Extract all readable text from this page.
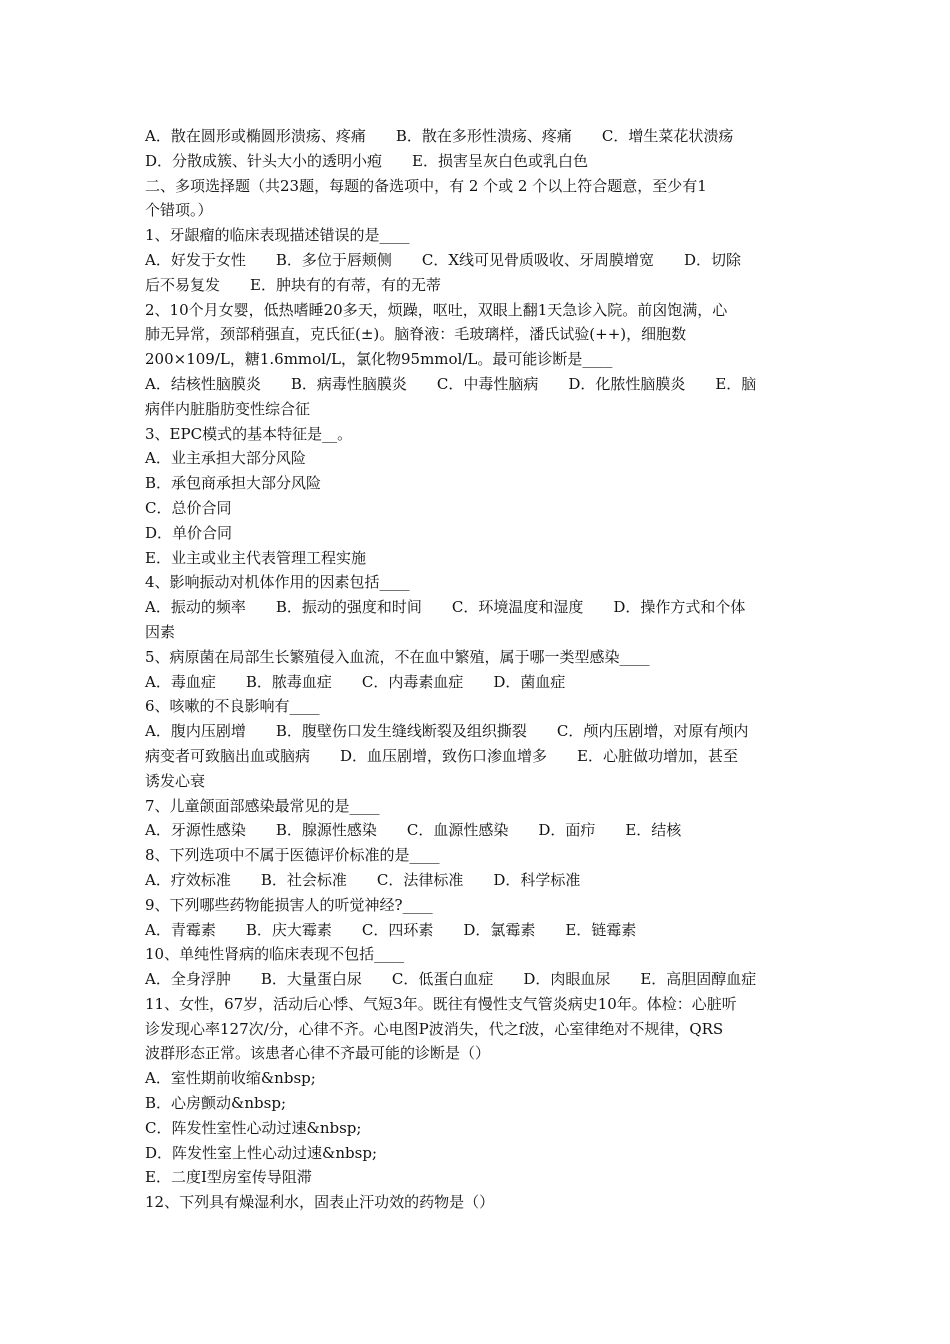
A．散在圆形或椭圆形溃疡、疼痛　　B．散在多形性溃疡、疼痛　　C．增生菜花状溃疡

D．分散成簇、针头大小的透明小疱　　E．损害呈灰白色或乳白色

二、多项选择题（共23题，每题的备选项中，有 2 个或 2 个以上符合题意，至少有1

个错项。）

1、牙龈瘤的临床表现描述错误的是____

A．好发于女性　　B．多位于唇颊侧　　C．X线可见骨质吸收、牙周膜增宽　　D．切除

后不易复发　　E．肿块有的有蒂，有的无蒂

2、10个月女婴，低热嗜睡20多天，烦躁，呕吐，双眼上翻1天急诊入院。前囟饱满，心

肺无异常，颈部稍强直，克氏征(±)。脑脊液：毛玻璃样，潘氏试验(++)，细胞数

200×109/L，糖1.6mmol/L，氯化物95mmol/L。最可能诊断是____

A．结核性脑膜炎　　B．病毒性脑膜炎　　C．中毒性脑病　　D．化脓性脑膜炎　　E．脑

病伴内脏脂肪变性综合征

3、EPC模式的基本特征是__。

A．业主承担大部分风险

B．承包商承担大部分风险

C．总价合同

D．单价合同

E．业主或业主代表管理工程实施

4、影响振动对机体作用的因素包括____

A．振动的频率　　B．振动的强度和时间　　C．环境温度和湿度　　D．操作方式和个体

因素

5、病原菌在局部生长繁殖侵入血流，不在血中繁殖，属于哪一类型感染____

A．毒血症　　B．脓毒血症　　C．内毒素血症　　D．菌血症

6、咳嗽的不良影响有____

A．腹内压剧增　　B．腹壁伤口发生缝线断裂及组织撕裂　　C．颅内压剧增，对原有颅内

病变者可致脑出血或脑病　　D．血压剧增，致伤口渗血增多　　E．心脏做功增加，甚至

诱发心衰

7、儿童颌面部感染最常见的是____

A．牙源性感染　　B．腺源性感染　　C．血源性感染　　D．面疖　　E．结核

8、下列选项中不属于医德评价标准的是____

A．疗效标准　　B．社会标准　　C．法律标准　　D．科学标准

9、下列哪些药物能损害人的听觉神经?____

A．青霉素　　B．庆大霉素　　C．四环素　　D．氯霉素　　E．链霉素

10、单纯性肾病的临床表现不包括____

A．全身浮肿　　B．大量蛋白尿　　C．低蛋白血症　　D．肉眼血尿　　E．高胆固醇血症

11、女性，67岁，活动后心悸、气短3年。既往有慢性支气管炎病史10年。体检：心脏听

诊发现心率127次/分，心律不齐。心电图P波消失，代之f波，心室律绝对不规律，QRS

波群形态正常。该患者心律不齐最可能的诊断是（）

A．室性期前收缩&nbsp;

B．心房颤动&nbsp;

C．阵发性室性心动过速&nbsp;

D．阵发性室上性心动过速&nbsp;

E．二度Ⅰ型房室传导阻滞

12、下列具有燥湿利水，固表止汗功效的药物是（）
